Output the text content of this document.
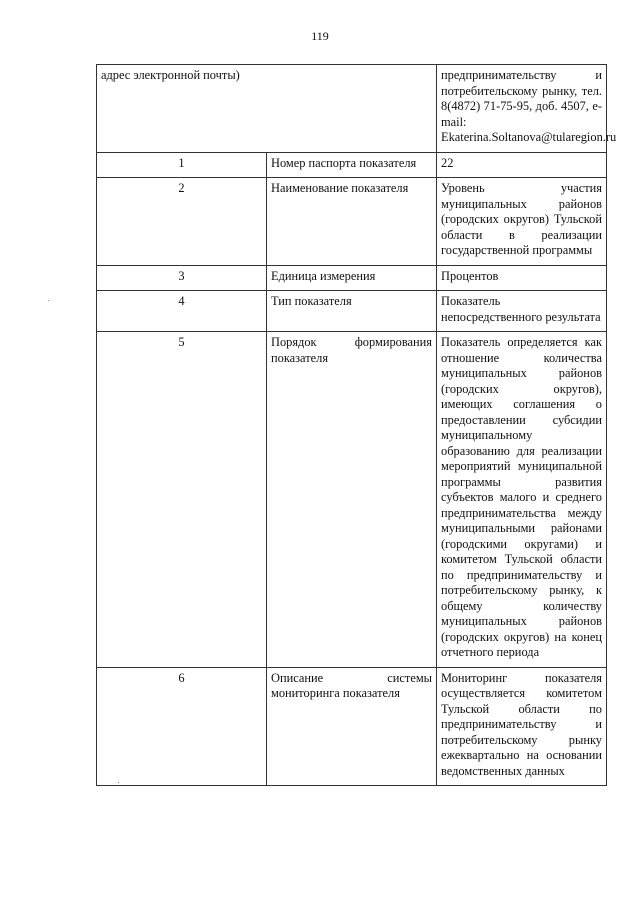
119
адрес электронной почты)		предпринимательству и потребительскому рынку, тел. 8(4872) 71-75-95, доб. 4507, e-mail:
Ekaterina.Soltanova@tularegion.ru

1	Номер паспорта показателя	22
2	Наименование показателя	Уровень участия муниципальных районов (городских округов) Тульской области в реализации государственной программы
3	Единица измерения	Процентов
4	Тип показателя	Показатель непосредственного результата
5	Порядок формирования показателя	Показатель определяется как отношение количества муниципальных районов (городских округов), имеющих соглашения о предоставлении субсидии муниципальному образованию для реализации мероприятий муниципальной программы развития субъектов малого и среднего предпринимательства между муниципальными районами (городскими округами) и комитетом Тульской области по предпринимательству и потребительскому рынку, к общему количеству муниципальных районов (городских округов) на конец отчетного периода
6	Описание системы мониторинга показателя	Мониторинг показателя осуществляется комитетом Тульской области по предпринимательству и потребительскому рынку ежеквартально на основании ведомственных данных
